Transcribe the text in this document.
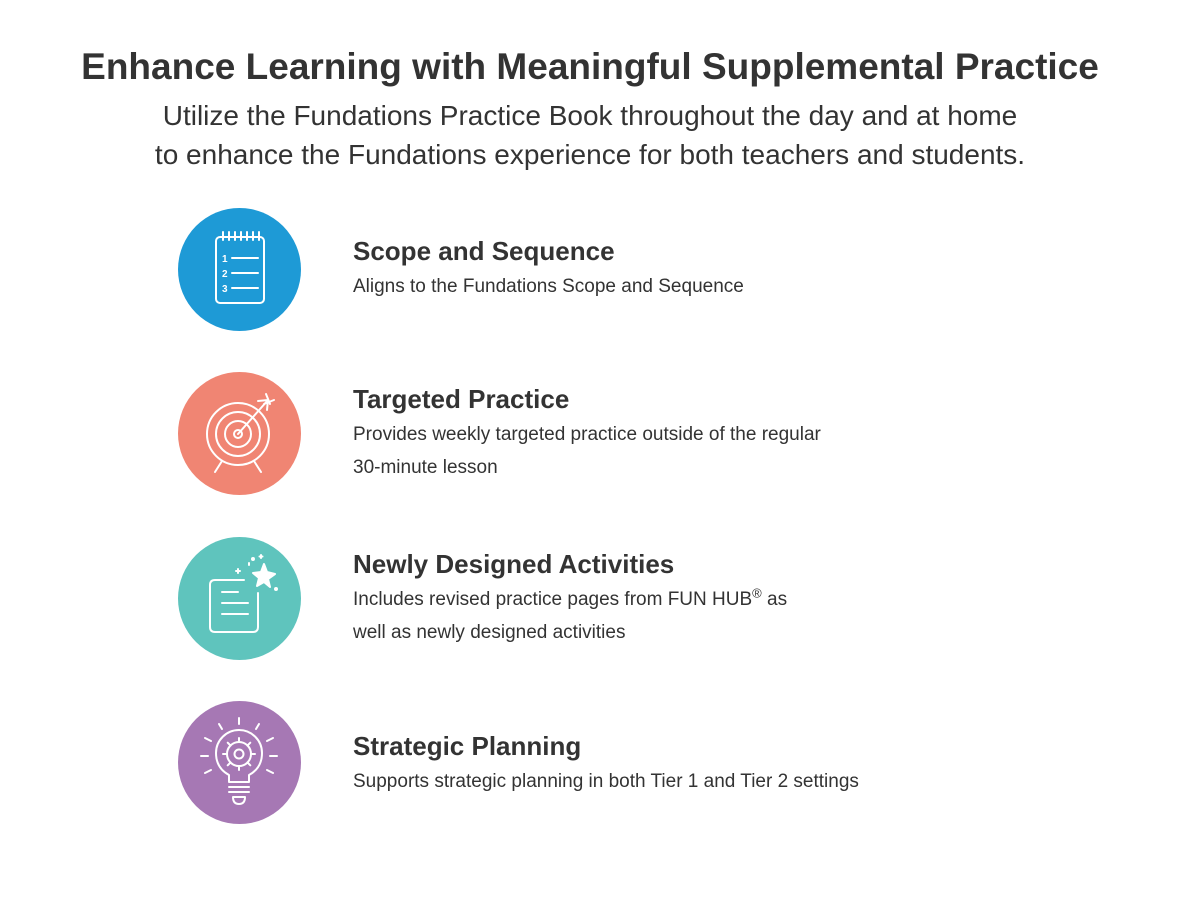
Enhance Learning with Meaningful Supplemental Practice

Utilize the Fundations Practice Book throughout the day and at home
to enhance the Fundations experience for both teachers and students.

1
2
3
Scope and Sequence

Aligns to the Fundations Scope and Sequence

Targeted Practice

Provides weekly targeted practice outside of the regular
30-minute lesson

Newly Designed Activities

Includes revised practice pages from FUN HUB® as
well as newly designed activities

Strategic Planning

Supports strategic planning in both Tier 1 and Tier 2 settings
